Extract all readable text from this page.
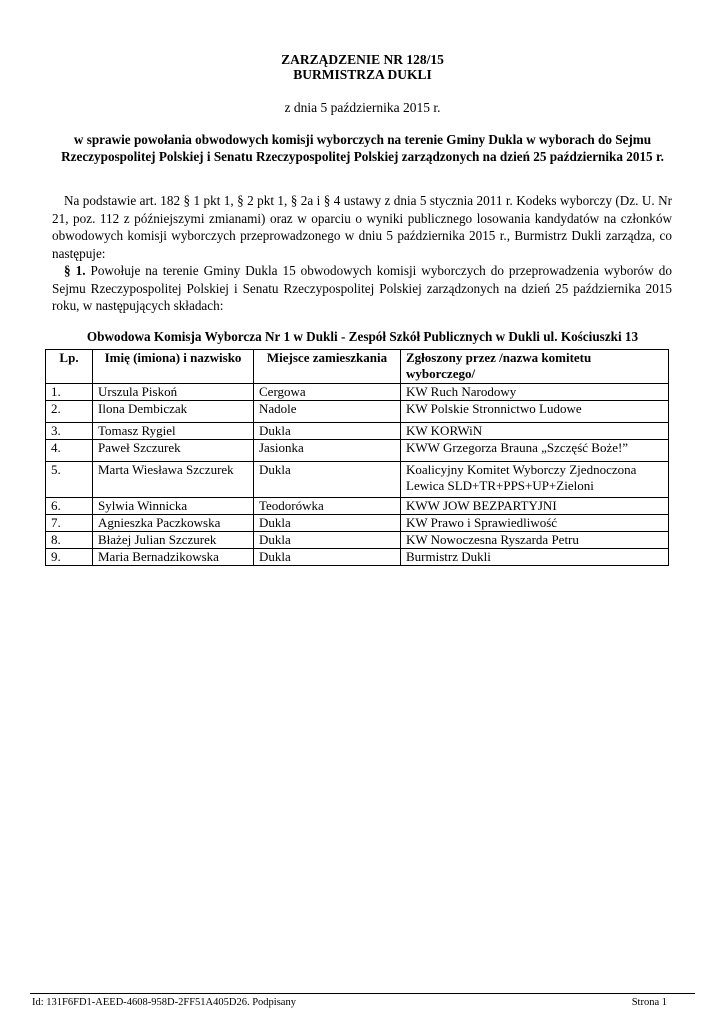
ZARZĄDZENIE NR 128/15
BURMISTRZA DUKLI
z dnia 5 października 2015 r.
w sprawie powołania obwodowych komisji wyborczych na terenie Gminy Dukla w wyborach do Sejmu Rzeczypospolitej Polskiej i Senatu Rzeczypospolitej Polskiej zarządzonych na dzień 25 października 2015 r.
Na podstawie art. 182 § 1 pkt 1, § 2 pkt 1, § 2a i § 4 ustawy z dnia 5 stycznia 2011 r. Kodeks wyborczy (Dz. U. Nr 21, poz. 112 z późniejszymi zmianami) oraz w oparciu o wyniki publicznego losowania kandydatów na członków obwodowych komisji wyborczych przeprowadzonego w dniu 5 października 2015 r., Burmistrz Dukli zarządza, co następuje:
§ 1. Powołuje na terenie Gminy Dukla 15 obwodowych komisji wyborczych do przeprowadzenia wyborów do Sejmu Rzeczypospolitej Polskiej i Senatu Rzeczypospolitej Polskiej zarządzonych na dzień 25 października 2015 roku, w następujących składach:
Obwodowa Komisja Wyborcza Nr 1 w Dukli - Zespół Szkół Publicznych w Dukli ul. Kościuszki 13
Lp.	Imię (imiona) i nazwisko	Miejsce zamieszkania	Zgłoszony przez /nazwa komitetu wyborczego/
1.	Urszula Piskoń	Cergowa	KW Ruch Narodowy
2.	Ilona Dembiczak	Nadole	KW Polskie Stronnictwo Ludowe
3.	Tomasz Rygiel	Dukla	KW KORWiN
4.	Paweł Szczurek	Jasionka	KWW Grzegorza Brauna „Szczęść Boże!”
5.	Marta Wiesława Szczurek	Dukla	Koalicyjny Komitet Wyborczy Zjednoczona Lewica SLD+TR+PPS+UP+Zieloni
6.	Sylwia Winnicka	Teodorówka	KWW JOW BEZPARTYJNI
7.	Agnieszka Paczkowska	Dukla	KW Prawo i Sprawiedliwość
8.	Błażej Julian Szczurek	Dukla	KW Nowoczesna Ryszarda Petru
9.	Maria Bernadzikowska	Dukla	Burmistrz Dukli
Id: 131F6FD1-AEED-4608-958D-2FF51A405D26. Podpisany	Strona 1
